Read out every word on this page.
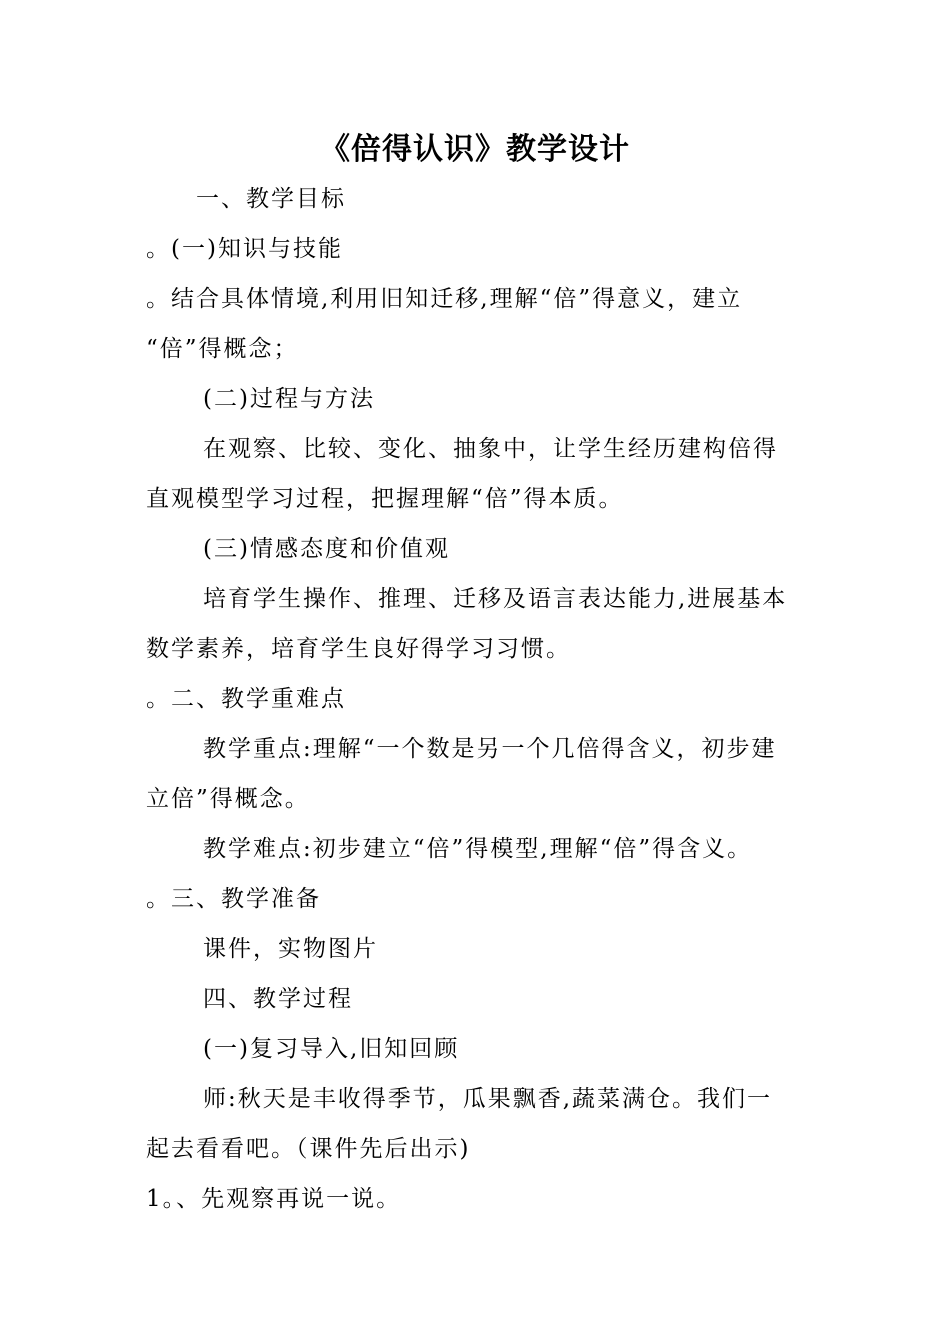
《倍得认识》教学设计
一、教学目标
。(一)知识与技能
。结合具体情境,利用旧知迁移,理解“倍”得意义，建立
“倍”得概念；
(二)过程与方法
在观察、比较、变化、抽象中，让学生经历建构倍得
直观模型学习过程，把握理解“倍”得本质。
(三)情感态度和价值观
培育学生操作、推理、迁移及语言表达能力,进展基本
数学素养，培育学生良好得学习习惯。
。二、教学重难点
教学重点:理解“一个数是另一个几倍得含义，初步建
立倍”得概念。
教学难点:初步建立“倍”得模型,理解“倍”得含义。
。三、教学准备
课件，实物图片
四、教学过程
(一)复习导入,旧知回顾
师:秋天是丰收得季节，瓜果飘香,蔬菜满仓。我们一
起去看看吧。（课件先后出示)
1。、先观察再说一说。
